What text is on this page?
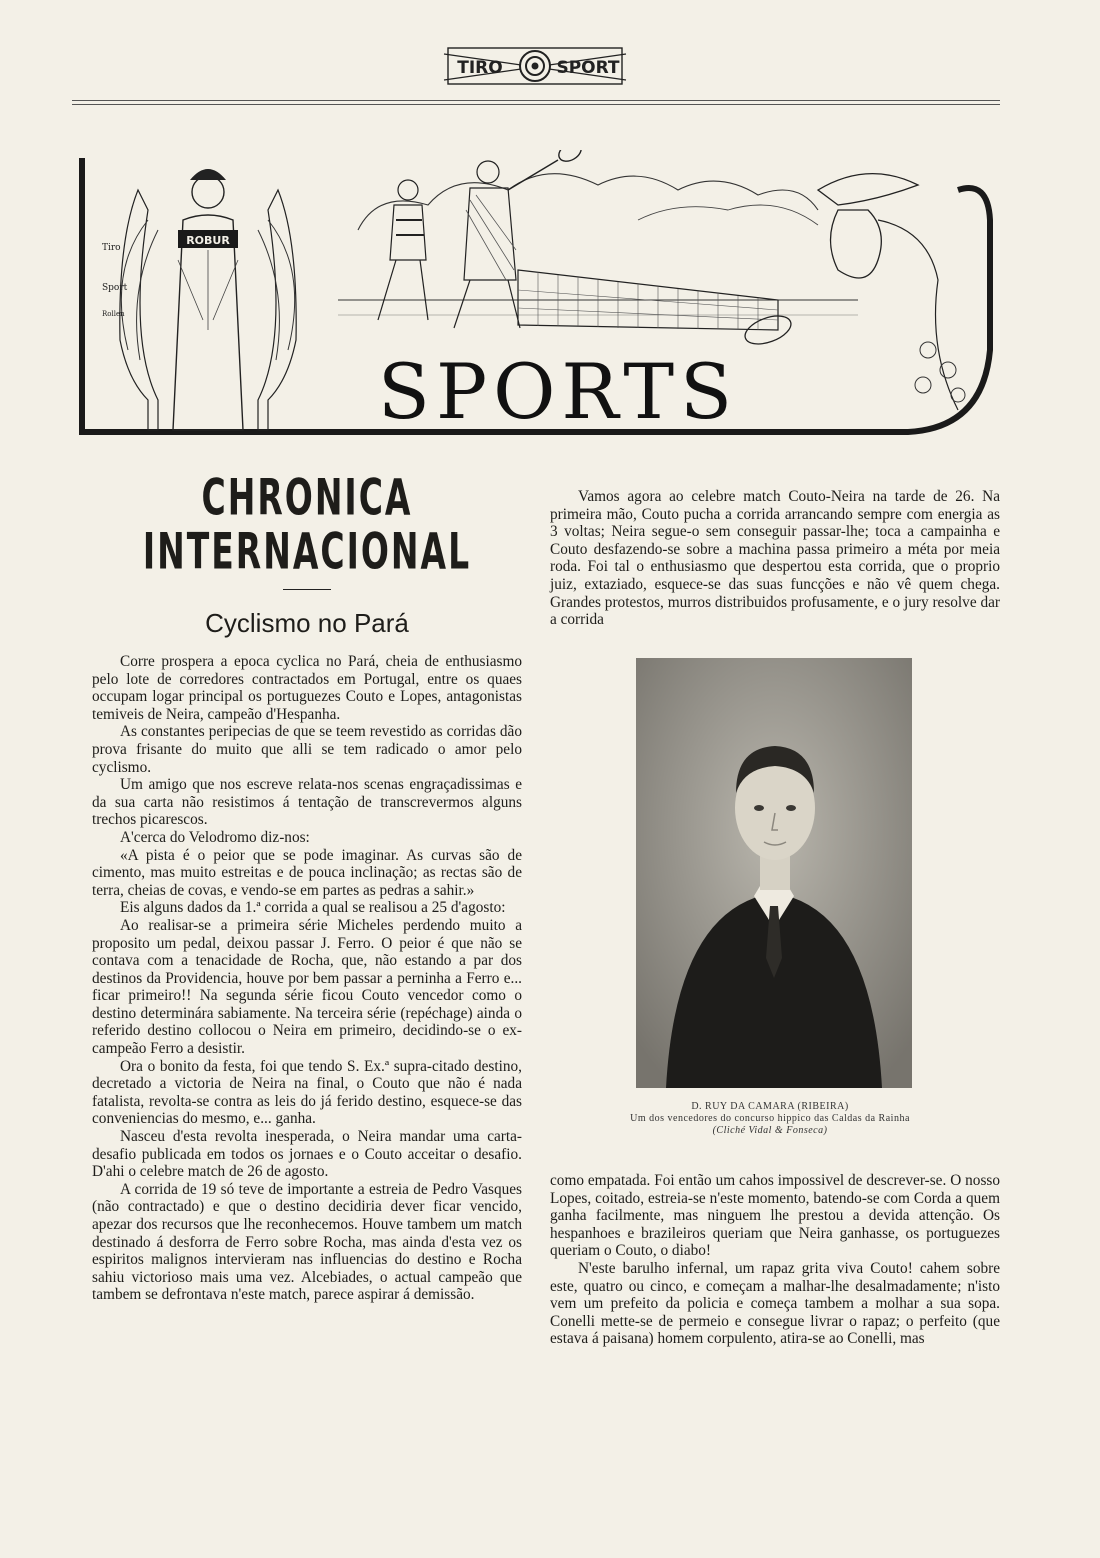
TIRO	SPORT
ROBUR
Tiro
Sport
Rollen
SPORTS
CHRONICA INTERNACIONAL
Cyclismo no Pará

Corre prospera a epoca cyclica no Pará, cheia de enthusiasmo pelo lote de corredores contractados em Portugal, entre os quaes occupam logar principal os portuguezes Couto e Lopes, antagonistas temiveis de Neira, campeão d'Hespanha.

As constantes peripecias de que se teem revestido as corridas dão prova frisante do muito que alli se tem radicado o amor pelo cyclismo.

Um amigo que nos escreve relata-nos scenas engraçadissimas e da sua carta não resistimos á tentação de transcrevermos alguns trechos picarescos.

A'cerca do Velodromo diz-nos:

«A pista é o peior que se pode imaginar. As curvas são de cimento, mas muito estreitas e de pouca inclinação; as rectas são de terra, cheias de covas, e vendo-se em partes as pedras a sahir.»

Eis alguns dados da 1.ª corrida a qual se realisou a 25 d'agosto:

Ao realisar-se a primeira série Micheles perdendo muito a proposito um pedal, deixou passar J. Ferro. O peior é que não se contava com a tenacidade de Rocha, que, não estando a par dos destinos da Providencia, houve por bem passar a perninha a Ferro e... ficar primeiro!! Na segunda série ficou Couto vencedor como o destino determinára sabiamente. Na terceira série (repéchage) ainda o referido destino collocou o Neira em primeiro, decidindo-se o ex-campeão Ferro a desistir.

Ora o bonito da festa, foi que tendo S. Ex.ª supra-citado destino, decretado a victoria de Neira na final, o Couto que não é nada fatalista, revolta-se contra as leis do já ferido destino, esquece-se das conveniencias do mesmo, e... ganha.

Nasceu d'esta revolta inesperada, o Neira mandar uma carta-desafio publicada em todos os jornaes e o Couto acceitar o desafio. D'ahi o celebre match de 26 de agosto.

A corrida de 19 só teve de importante a estreia de Pedro Vasques (não contractado) e que o destino decidiria dever ficar vencido, apezar dos recursos que lhe reconhecemos. Houve tambem um match destinado á desforra de Ferro sobre Rocha, mas ainda d'esta vez os espiritos malignos intervieram nas influencias do destino e Rocha sahiu victorioso mais uma vez. Alcebiades, o actual campeão que tambem se defrontava n'este match, parece aspirar á demissão.

Vamos agora ao celebre match Couto-Neira na tarde de 26. Na primeira mão, Couto pucha a corrida arrancando sempre com energia as 3 voltas; Neira segue-o sem conseguir passar-lhe; toca a campainha e Couto desfazendo-se sobre a machina passa primeiro a méta por meia roda. Foi tal o enthusiasmo que despertou esta corrida, que o proprio juiz, extaziado, esquece-se das suas funcções e não vê quem chega. Grandes protestos, murros distribuidos profusamente, e o jury resolve dar a corrida

D. RUY DA CAMARA (RIBEIRA)
Um dos vencedores do concurso hippico das Caldas da Rainha
(Cliché Vidal & Fonseca)

como empatada. Foi então um cahos impossivel de descrever-se. O nosso Lopes, coitado, estreia-se n'este momento, batendo-se com Corda a quem ganha facilmente, mas ninguem lhe prestou a devida attenção. Os hespanhoes e brazileiros queriam que Neira ganhasse, os portuguezes queriam o Couto, o diabo!

N'este barulho infernal, um rapaz grita viva Couto! cahem sobre este, quatro ou cinco, e começam a malhar-lhe desalmadamente; n'isto vem um prefeito da policia e começa tambem a molhar a sua sopa. Conelli mette-se de permeio e consegue livrar o rapaz; o perfeito (que estava á paisana) homem corpulento, atira-se ao Conelli, mas
